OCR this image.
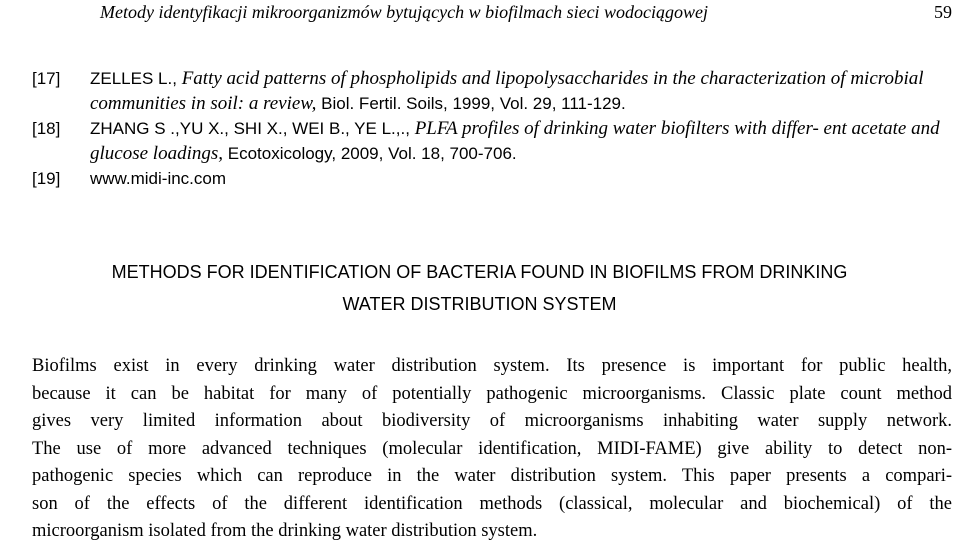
Metody identyfikacji mikroorganizmów bytujących w biofilmach sieci wodociągowej	59
[17]	ZELLES L., Fatty acid patterns of phospholipids and lipopolysaccharides in the characterization of microbial communities in soil: a review, Biol. Fertil. Soils, 1999, Vol. 29, 111-129.
[18]	ZHANG S .,YU X., SHI X., WEI B., YE L.,., PLFA profiles of drinking water biofilters with differ- ent acetate and glucose loadings, Ecotoxicology, 2009, Vol. 18, 700-706.
[19]	www.midi-inc.com
METHODS FOR IDENTIFICATION OF BACTERIA FOUND IN BIOFILMS FROM DRINKING
WATER DISTRIBUTION SYSTEM
Biofilms exist in every drinking water distribution system. Its presence is important for public health,
because it can be habitat for many of potentially pathogenic microorganisms. Classic plate count method
gives very limited information about biodiversity of microorganisms inhabiting water supply network.
The use of more advanced techniques (molecular identification, MIDI-FAME) give ability to detect non-
pathogenic species which can reproduce in the water distribution system. This paper presents a compari-
son of the effects of the different identification methods (classical, molecular and biochemical) of the
microorganism isolated from the drinking water distribution system.
